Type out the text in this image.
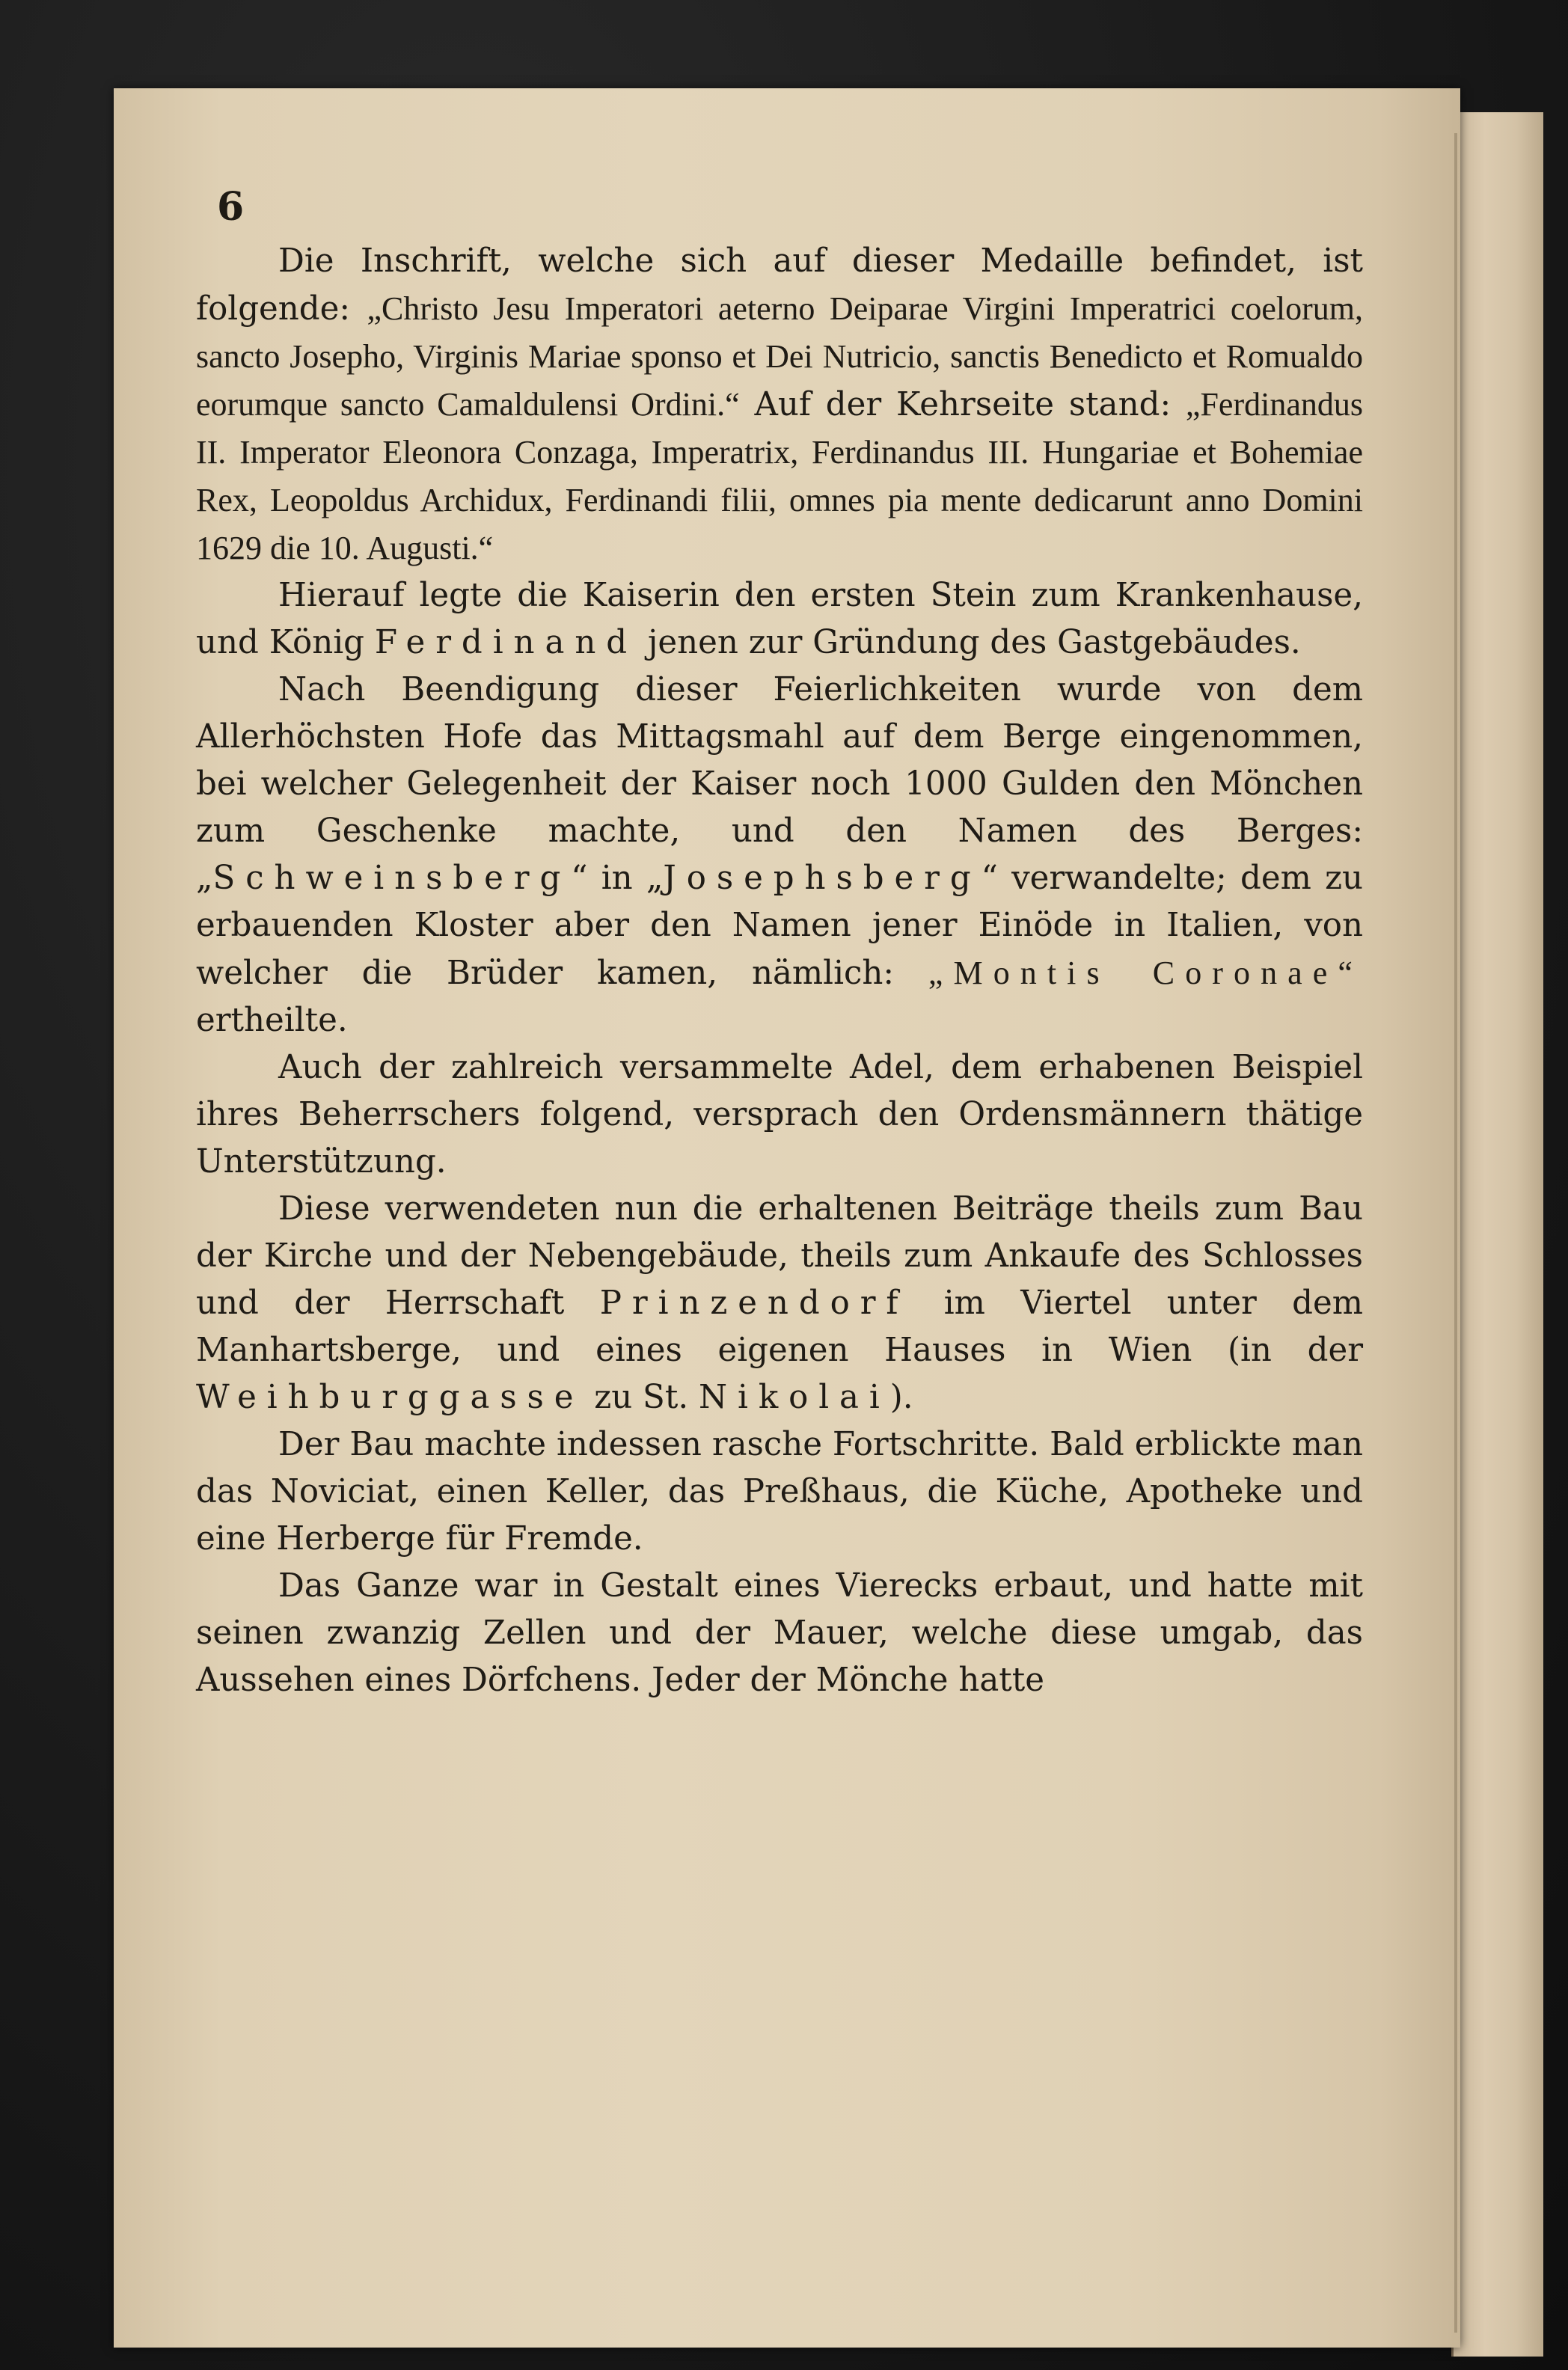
6

Die Inschrift, welche sich auf dieser Medaille befindet, ist folgende: „Christo Jesu Imperatori aeterno Deiparae Virgini Imperatrici coelorum, sancto Josepho, Virginis Mariae sponso et Dei Nutricio, sanctis Benedicto et Romualdo eorumque sancto Camaldulensi Ordini.“ Auf der Kehrseite stand: „Ferdinandus II. Imperator Eleonora Conzaga, Imperatrix, Ferdinandus III. Hungariae et Bohemiae Rex, Leopoldus Archidux, Ferdinandi filii, omnes pia mente dedicarunt anno Domini 1629 die 10. Augusti.“

Hierauf legte die Kaiserin den ersten Stein zum Krankenhause, und König Ferdinand jenen zur Gründung des Gastgebäudes.

Nach Beendigung dieser Feierlichkeiten wurde von dem Allerhöchsten Hofe das Mittagsmahl auf dem Berge eingenommen, bei welcher Gelegenheit der Kaiser noch 1000 Gulden den Mönchen zum Geschenke machte, und den Namen des Berges: „Schweinsberg“ in „Josephsberg“ verwandelte; dem zu erbauenden Kloster aber den Namen jener Einöde in Italien, von welcher die Brüder kamen, nämlich: „Montis Coronae“ ertheilte.

Auch der zahlreich versammelte Adel, dem erhabenen Beispiel ihres Beherrschers folgend, versprach den Ordensmännern thätige Unterstützung.

Diese verwendeten nun die erhaltenen Beiträge theils zum Bau der Kirche und der Nebengebäude, theils zum Ankaufe des Schlosses und der Herrschaft Prinzendorf im Viertel unter dem Manhartsberge, und eines eigenen Hauses in Wien (in der Weihburggasse zu St. Nikolai).

Der Bau machte indessen rasche Fortschritte. Bald erblickte man das Noviciat, einen Keller, das Preßhaus, die Küche, Apotheke und eine Herberge für Fremde.

Das Ganze war in Gestalt eines Vierecks erbaut, und hatte mit seinen zwanzig Zellen und der Mauer, welche diese umgab, das Aussehen eines Dörfchens. Jeder der Mönche hatte
